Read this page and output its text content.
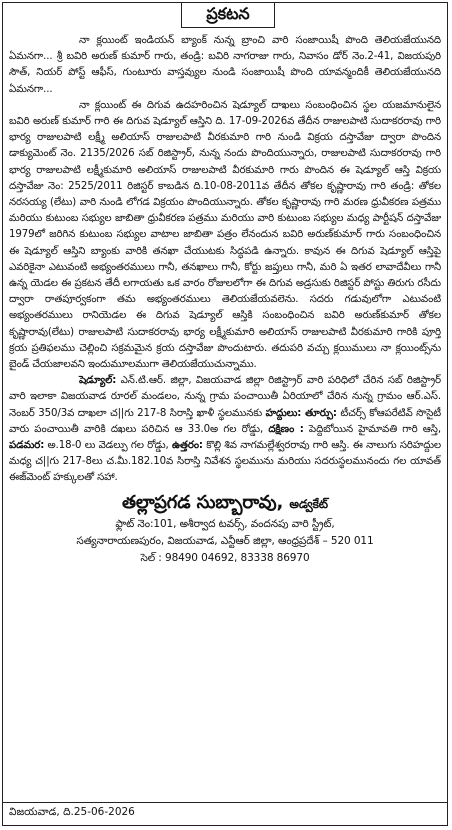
ప్రకటన

నా క్లయింట్ ఇండియన్ బ్యాంక్ నున్న బ్రాంచి వారి సంజాయిషీ పొంది తెలియజేయునది ఏమనగా... శ్రీ బవిరి అరుణ్ కుమార్ గారు, తండ్రి: బవిరి నాగరాజు గారు, నివాసం డోర్ నెం.2-41, విజయపురి సౌత్, నియర్ పోస్ట్ ఆఫీస్, గుంటూరు వాస్తవ్యుల నుండి సంజాయిషీ పొంది యావన్మందికీ తెలియజేయునది ఏమనగా...

నా క్లయింట్ ఈ దిగువ ఉదహరించిన షెడ్యూల్ దాఖలు సంబంధించిన స్థల యజమానులైన బవిరి అరుణ్ కుమార్ గారి ఈ దిగువ షెడ్యూల్ ఆస్తిని ది. 17-09-2026వ తేదీన రాజులపాటి సుదాకరరావు గారి భార్య రాజులపాటి లక్ష్మీ అలియాస్ రాజులపాటి వీరకుమారి గారి నుండి విక్రయ దస్తావేజు ద్వారా పొందిన డాక్యుమెంట్ నెం. 2135/2026 సబ్ రిజిస్ట్రార్, నున్న నందు పొందియున్నారు, రాజులపాటి సుదాకరరావు గారి భార్య రాజులపాటి లక్ష్మీకుమారి అలియాస్ రాజులపాటి వీరకుమారి గారు పొందిన ఈ షెడ్యూల్ ఆస్తి విక్రయ దస్తావేజు నెం: 2525/2011 రిజిస్టర్ కాబడిన ది.10-08-2011వ తేదీన తోకల కృష్ణారావు గారి తండ్రి: తోకల నరసయ్య (లేటు) వారి నుండి లోగడ విక్రయం పొందియున్నారు. తోకల కృష్ణారావు గారి మరణ ధ్రువీకరణ పత్రము మరియు కుటుంబ సభ్యుల జాబితా ధ్రువీకరణ పత్రము మరియు వారి కుటుంబ సభ్యుల మధ్య పార్టీషన్ దస్తావేజు 1979లో జరిగిన కుటుంబ సభ్యుల వాటాల జాబితా పత్రం లేనందున బవిరి అరుణ్‌కుమార్ గారు సంబంధించిన ఈ షెడ్యూల్ ఆస్తిని బ్యాంకు వారికి తనఖా చేయుటకు సిద్ధపడి ఉన్నారు. కావున ఈ దిగువ షెడ్యూల్ ఆస్తిపై ఎవరికైనా ఎటువంటి అభ్యంతరములు గానీ, తనఖాలు గానీ, కోర్టు జప్తులు గానీ, మరి ఏ ఇతర లావాదేవీలు గానీ ఉన్న యెడల ఈ ప్రకటన తేదీ లగాయతు ఒక వారం రోజులలోగా ఈ దిగువ అడ్రసుకు రిజిస్టర్ పోస్టు తిరుగు రసీదు ద్వారా రాతపూర్వకంగా తమ అభ్యంతరములు తెలియజేయవలెను. సదరు గడువులోగా ఎటువంటి అభ్యంతరములు రానియెడల ఈ దిగువ షెడ్యూల్ ఆస్తికి సంబంధించిన బవిరి అరుణ్‌కుమార్ తోకల కృష్ణారావు(లేటు) రాజులపాటి సుదాకరరావు భార్య లక్ష్మీకుమారి అలియాస్ రాజులపాటి వీరకుమారి గారికి పూర్తి క్రయ ప్రతిఫలము చెల్లించి సక్రమమైన క్రయ దస్తావేజు పొందుటారు. తదుపరి వచ్చు క్లయిములు నా క్లయింట్స్‌ను బైండ్ చేయజాలవని ఇందుమూలముగా తెలియజేయుచున్నాము.

షెడ్యూల్: ఎన్.టి.ఆర్. జిల్లా, విజయవాడ జిల్లా రిజిస్ట్రార్ వారి పరిధిలో చేరిన సబ్ రిజిస్ట్రార్ వారి ఇలాకా విజయవాడ రూరల్ మండలం, నున్న గ్రామ పంచాయితీ ఏరియాలో చేరిన నున్న గ్రామం ఆర్.ఎస్. నెంబర్ 350/3వ దాఖలా చ||గు 217-8 సిరాస్తి ఖాళీ స్థలమునకు హద్దులు: తూర్పు: టీచర్స్ కోఆపరేటివ్ సొసైటీ వారు పంచాయితీ వారికి దఖలు పరిచిన ఆ 33.0అ గల రోడ్డు, దక్షిణం : పెద్దిబోయిన హైమావతి గారి ఆస్తి, పడమర: అ.18-0 లు వెడల్పు గల రోడ్డు, ఉత్తరం: కొల్లి శివ నాగమల్లేశ్వరరావు గారి ఆస్తి. ఈ నాలుగు సరిహద్దుల మధ్య చ||గు 217-8లు చ.మీ.182.10వ సిరాస్తి నివేశన స్థలమును మరియు సదరుస్థలమునందు గల యావత్ ఈజ్‌మెంట్ హక్కులతో సహా.

తల్లాప్రగడ సుబ్బారావు, అడ్వకేట్
ఫ్లాట్ నెం:101, అశీర్వాద టవర్స్, వందనపు వారి స్ట్రీట్,
సత్యనారాయణపురం, విజయవాడ, ఎన్టీఆర్ జిల్లా, ఆంధ్రప్రదేశ్ – 520 011
సెల్ : 98490 04692, 83338 86970
విజయవాడ, ది.25-06-2026
